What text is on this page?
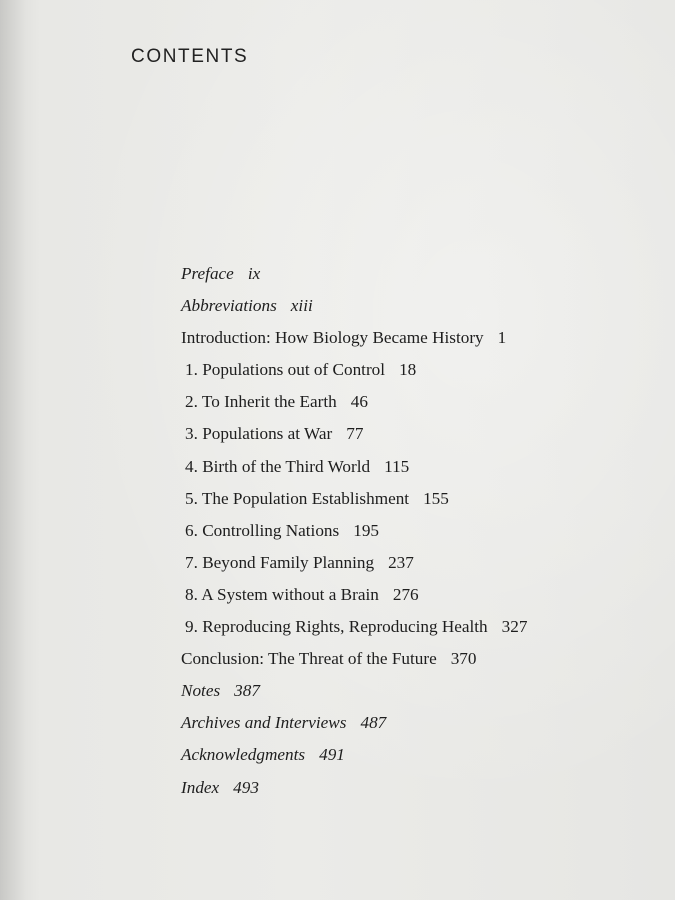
CONTENTS
Preface ix
Abbreviations xiii
Introduction: How Biology Became History 1
1. Populations out of Control 18
2. To Inherit the Earth 46
3. Populations at War 77
4. Birth of the Third World 115
5. The Population Establishment 155
6. Controlling Nations 195
7. Beyond Family Planning 237
8. A System without a Brain 276
9. Reproducing Rights, Reproducing Health 327
Conclusion: The Threat of the Future 370
Notes 387
Archives and Interviews 487
Acknowledgments 491
Index 493
